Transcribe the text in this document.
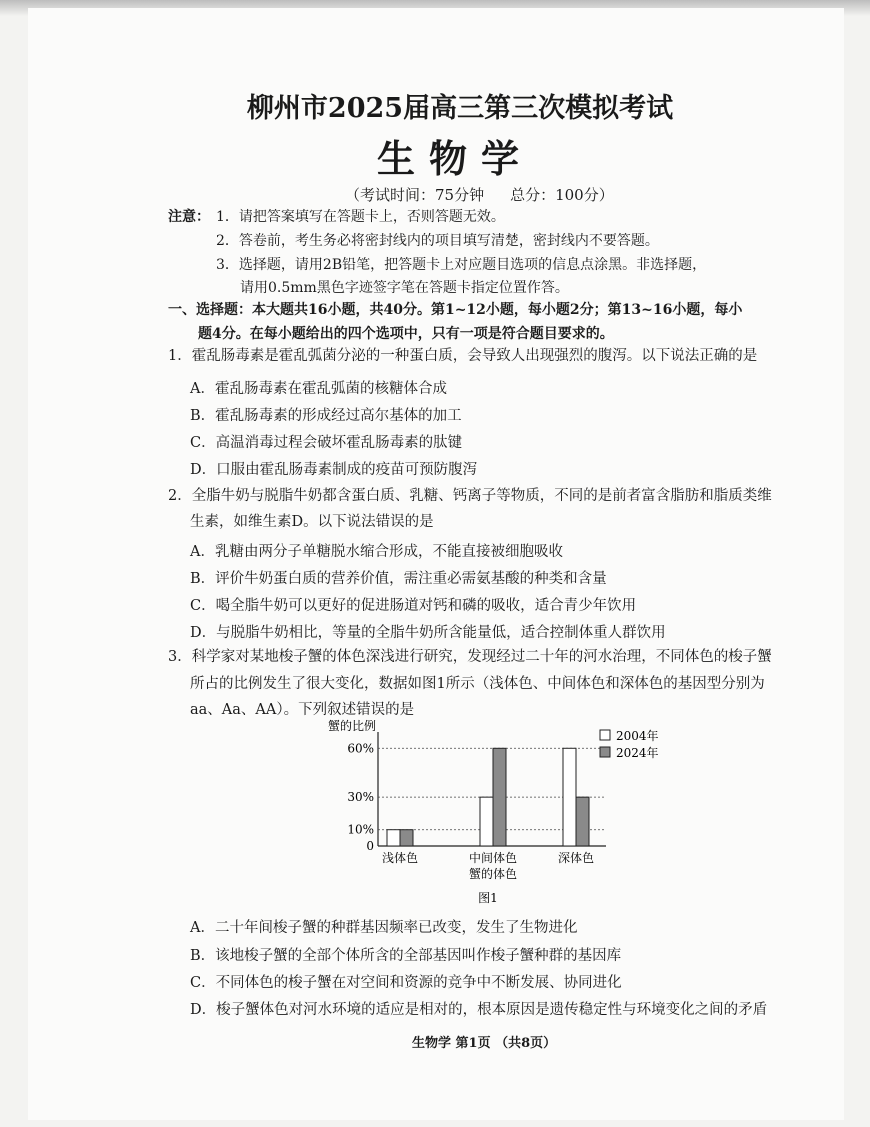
柳州市2025届高三第三次模拟考试
生物学
（考试时间：75分钟 总分：100分）
注意： 1．请把答案填写在答题卡上，否则答题无效。
2．答卷前，考生务必将密封线内的项目填写清楚，密封线内不要答题。
3．选择题，请用2B铅笔，把答题卡上对应题目选项的信息点涂黑。非选择题，
请用0.5mm黑色字迹签字笔在答题卡指定位置作答。
一、选择题：本大题共16小题，共40分。第1~12小题，每小题2分；第13~16小题，每小
题4分。在每小题给出的四个选项中，只有一项是符合题目要求的。
1．霍乱肠毒素是霍乱弧菌分泌的一种蛋白质，会导致人出现强烈的腹泻。以下说法正确的是
A．霍乱肠毒素在霍乱弧菌的核糖体合成
B．霍乱肠毒素的形成经过高尔基体的加工
C．高温消毒过程会破坏霍乱肠毒素的肽键
D．口服由霍乱肠毒素制成的疫苗可预防腹泻
2．全脂牛奶与脱脂牛奶都含蛋白质、乳糖、钙离子等物质，不同的是前者富含脂肪和脂质类维
生素，如维生素D。以下说法错误的是
A．乳糖由两分子单糖脱水缩合形成，不能直接被细胞吸收
B．评价牛奶蛋白质的营养价值，需注重必需氨基酸的种类和含量
C．喝全脂牛奶可以更好的促进肠道对钙和磷的吸收，适合青少年饮用
D．与脱脂牛奶相比，等量的全脂牛奶所含能量低，适合控制体重人群饮用
3．科学家对某地梭子蟹的体色深浅进行研究，发现经过二十年的河水治理，不同体色的梭子蟹
所占的比例发生了很大变化，数据如图1所示（浅体色、中间体色和深体色的基因型分别为
aa、Aa、AA）。下列叙述错误的是
蟹的比例
0
10%
30%
60%
浅体色	中间体色	深体色
蟹的体色
图1
2004年
2024年
A．二十年间梭子蟹的种群基因频率已改变，发生了生物进化
B．该地梭子蟹的全部个体所含的全部基因叫作梭子蟹种群的基因库
C．不同体色的梭子蟹在对空间和资源的竞争中不断发展、协同进化
D．梭子蟹体色对河水环境的适应是相对的，根本原因是遗传稳定性与环境变化之间的矛盾
生物学 第1页 （共8页）
